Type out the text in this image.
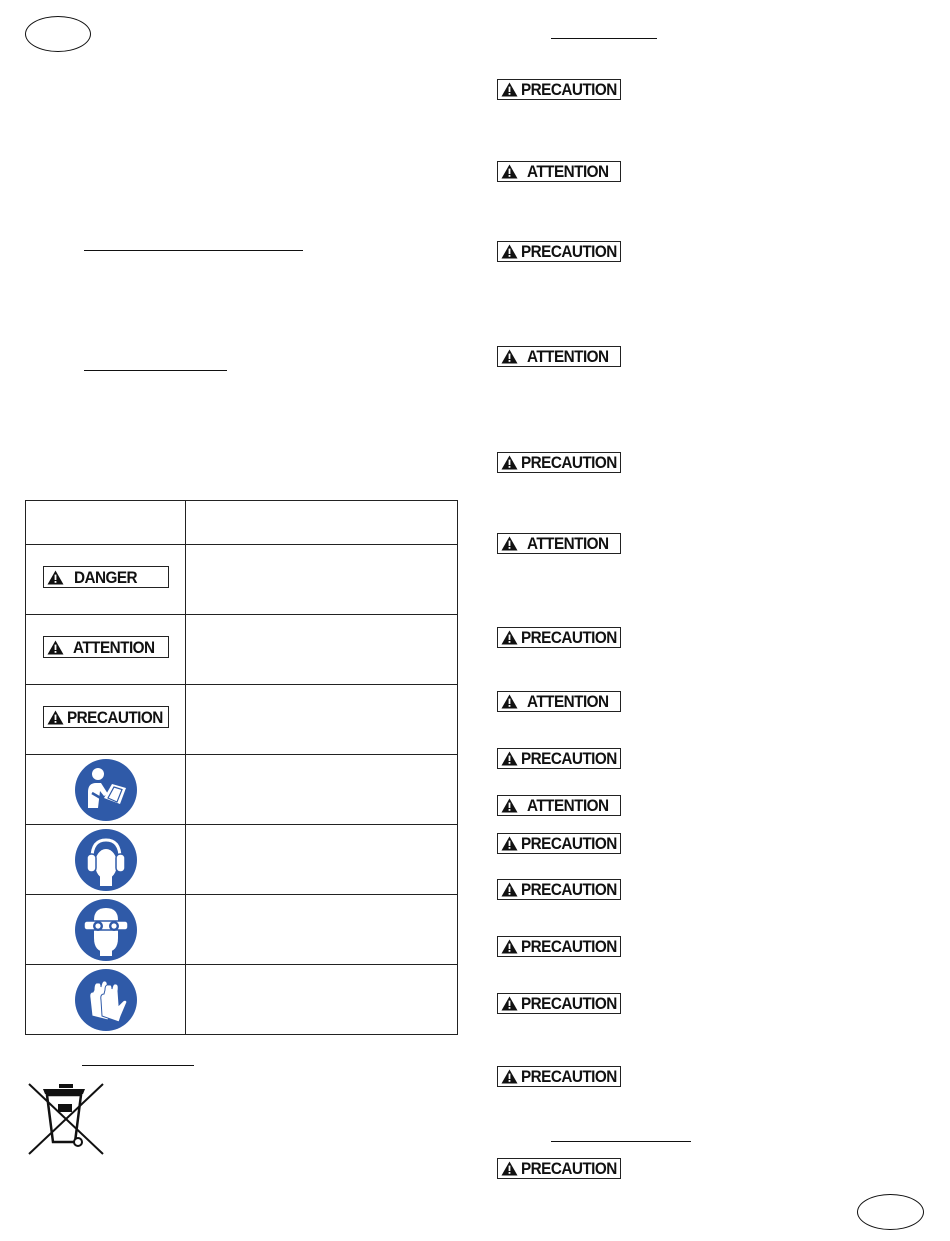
DANGER	

ATTENTION	

PRECAUTION	

PRECAUTION
ATTENTION
PRECAUTION
ATTENTION
PRECAUTION
ATTENTION
PRECAUTION
ATTENTION
PRECAUTION
ATTENTION
PRECAUTION
PRECAUTION
PRECAUTION
PRECAUTION
PRECAUTION
PRECAUTION
